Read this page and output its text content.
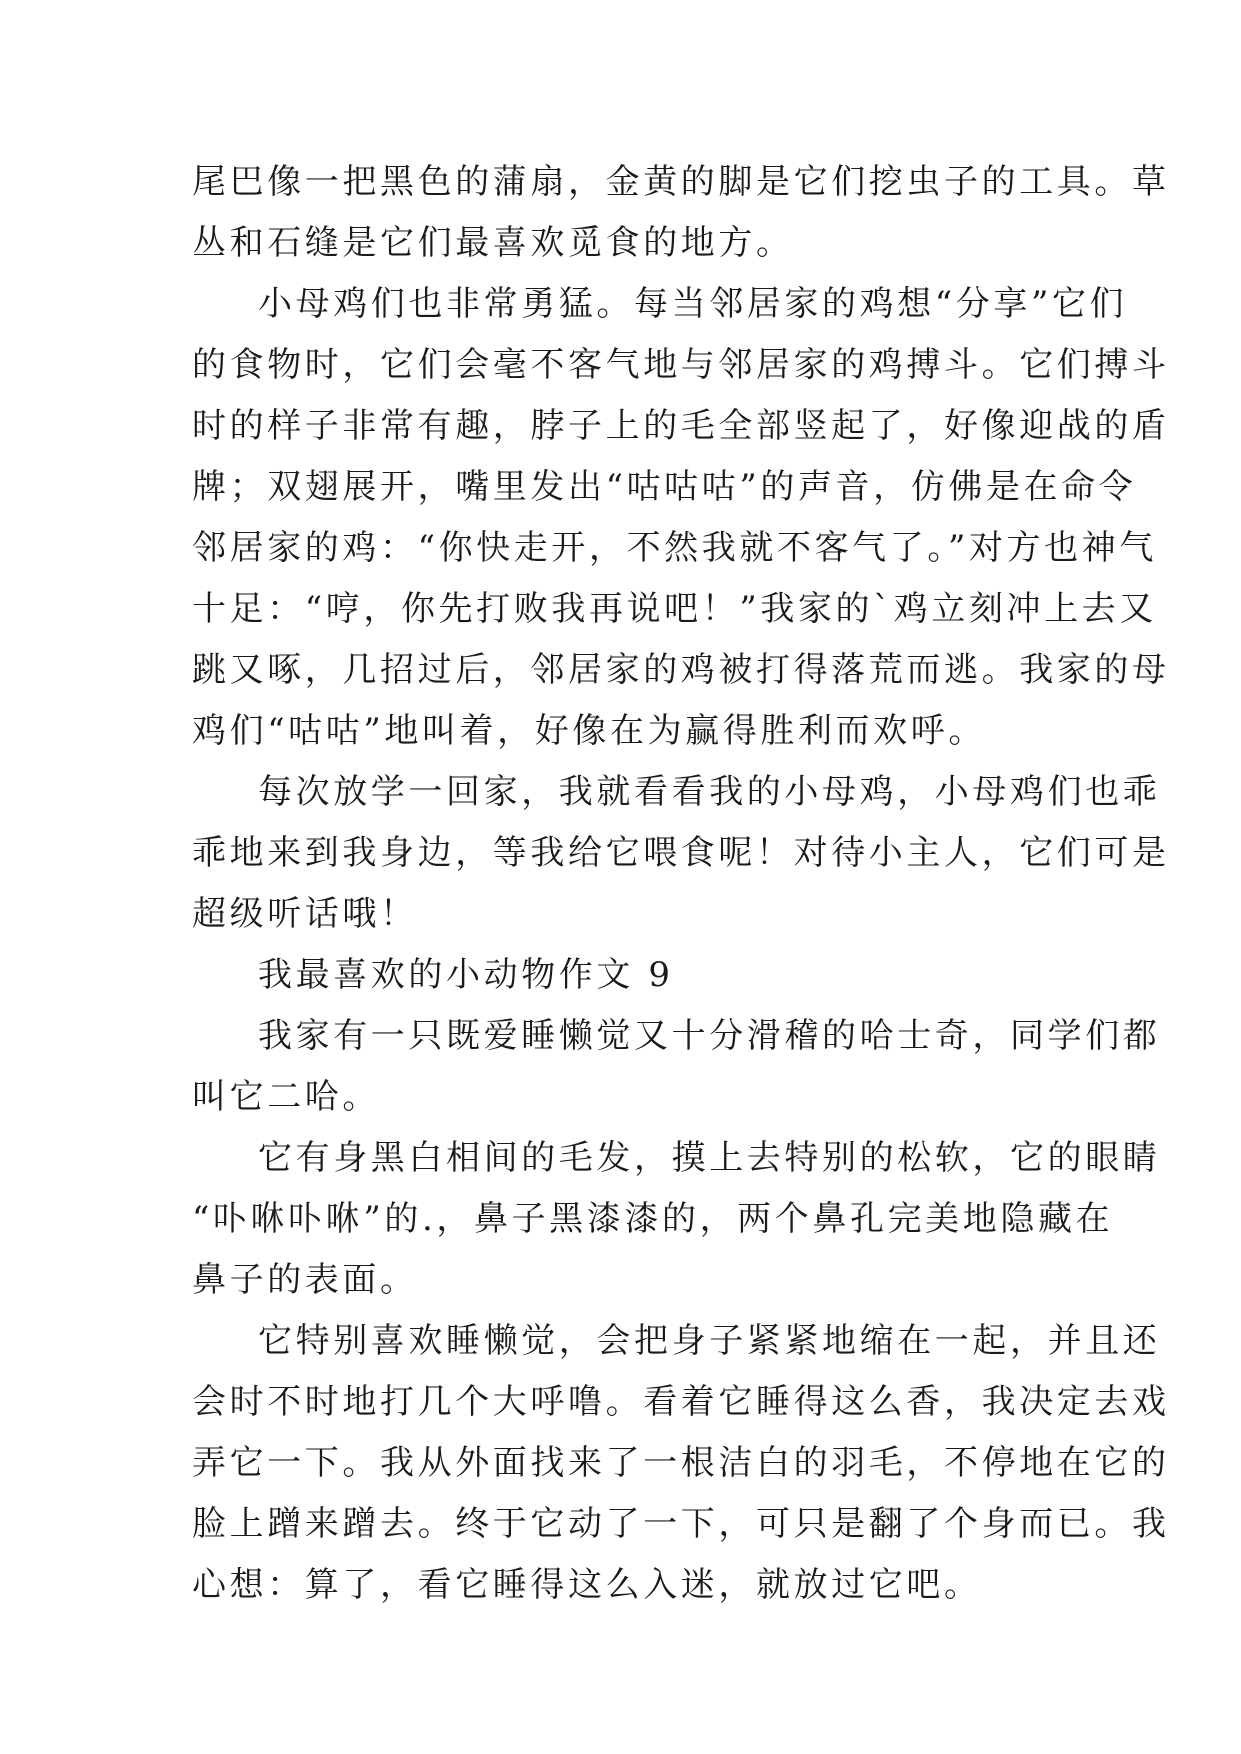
尾巴像一把黑色的蒲扇，金黄的脚是它们挖虫子的工具。草
丛和石缝是它们最喜欢觅食的地方。
小母鸡们也非常勇猛。每当邻居家的鸡想“分享”它们
的食物时，它们会毫不客气地与邻居家的鸡搏斗。它们搏斗
时的样子非常有趣，脖子上的毛全部竖起了，好像迎战的盾
牌；双翅展开，嘴里发出“咕咕咕”的声音，仿佛是在命令
邻居家的鸡：“你快走开，不然我就不客气了。”对方也神气
十足：“哼，你先打败我再说吧！”我家的`鸡立刻冲上去又
跳又啄，几招过后，邻居家的鸡被打得落荒而逃。我家的母
鸡们“咕咕”地叫着，好像在为赢得胜利而欢呼。
每次放学一回家，我就看看我的小母鸡，小母鸡们也乖
乖地来到我身边，等我给它喂食呢！对待小主人，它们可是
超级听话哦！
我最喜欢的小动物作文 9
我家有一只既爱睡懒觉又十分滑稽的哈士奇，同学们都
叫它二哈。
它有身黑白相间的毛发，摸上去特别的松软，它的眼睛
“卟咻卟咻”的.，鼻子黑漆漆的，两个鼻孔完美地隐藏在
鼻子的表面。
它特别喜欢睡懒觉，会把身子紧紧地缩在一起，并且还
会时不时地打几个大呼噜。看着它睡得这么香，我决定去戏
弄它一下。我从外面找来了一根洁白的羽毛，不停地在它的
脸上蹭来蹭去。终于它动了一下，可只是翻了个身而已。我
心想：算了，看它睡得这么入迷，就放过它吧。
